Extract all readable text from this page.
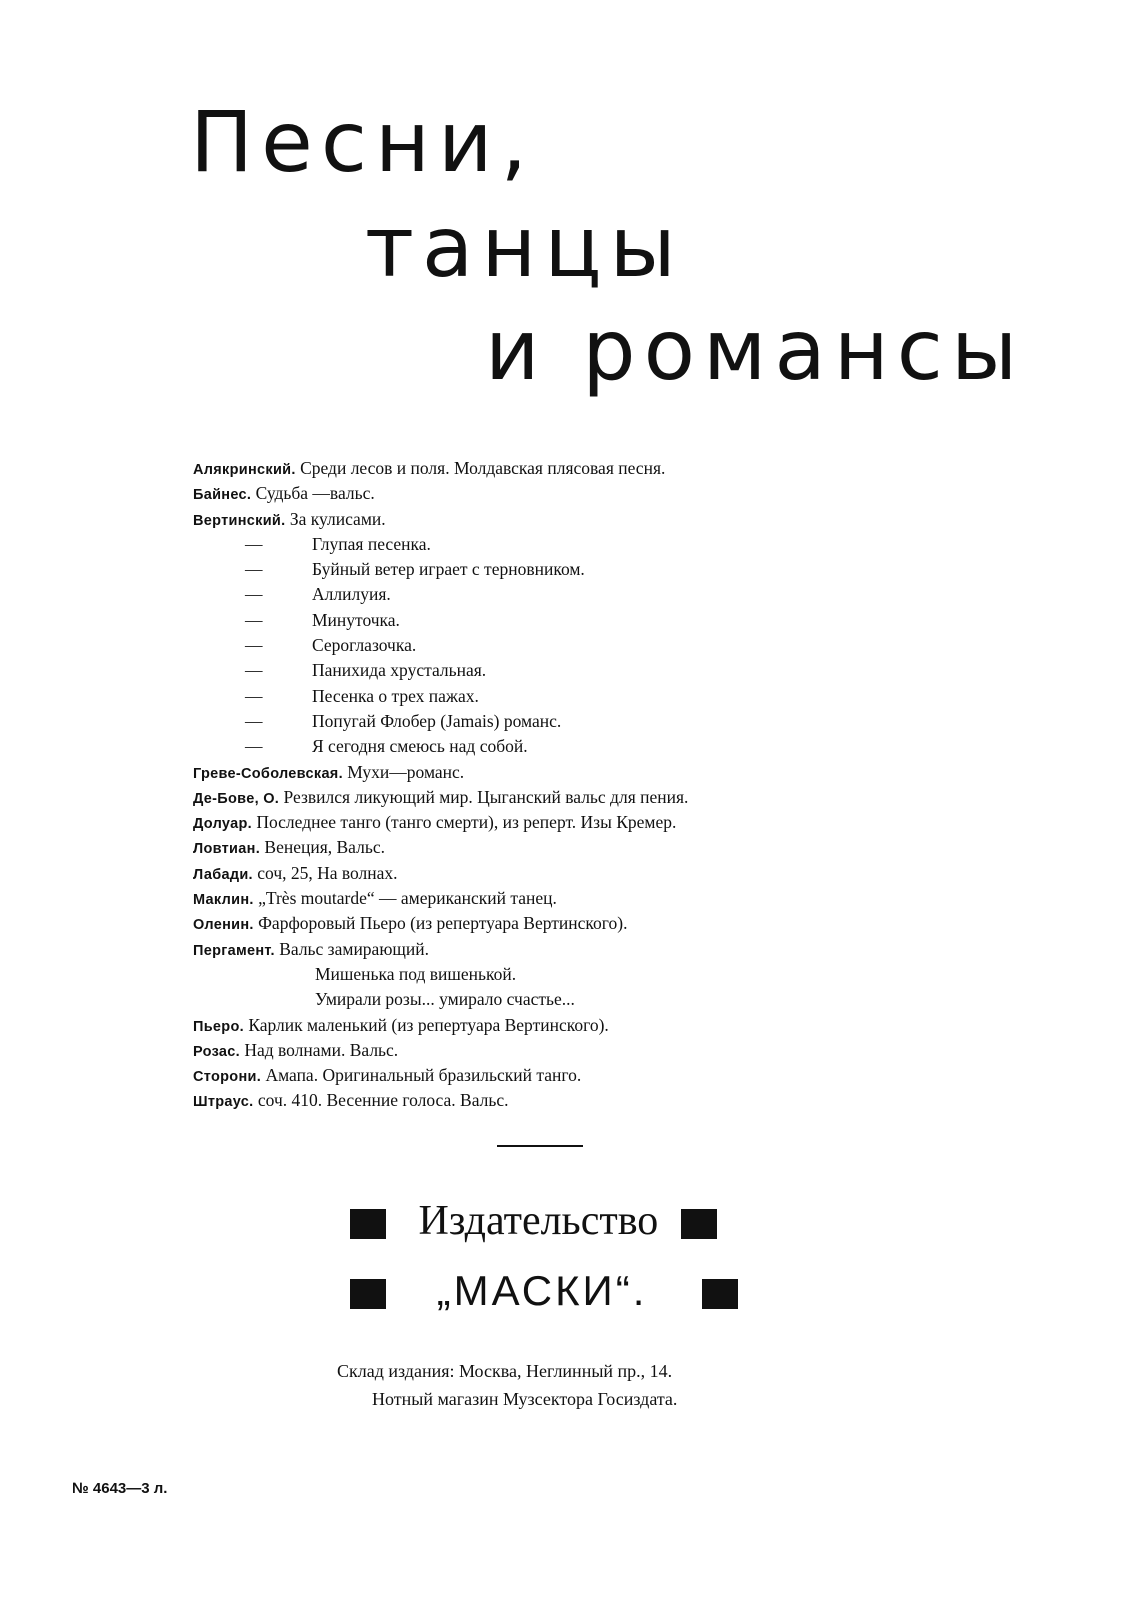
Песни,
танцы
и романсы
Алякринский. Среди лесов и поля. Молдавская плясовая песня.
Байнес. Судьба —вальс.
Вертинский. За кулисами.
—	Глупая песенка.
—	Буйный ветер играет с терновником.
—	Аллилуия.
—	Минуточка.
—	Сероглазочка.
—	Панихида хрустальная.
—	Песенка о трех пажах.
—	Попугай Флобер (Jamais) романс.
—	Я сегодня смеюсь над собой.
Греве-Соболевская. Мухи—романс.
Де-Бове, О. Резвился ликующий мир. Цыганский вальс для пения.
Долуар. Последнее танго (танго смерти), из реперт. Изы Кремер.
Ловтиан. Венеция, Вальс.
Лабади. соч, 25, На волнах.
Маклин. „Très moutarde“ — американский танец.
Оленин. Фарфоровый Пьеро (из репертуара Вертинского).
Пергамент. Вальс замирающий.
Мишенька под вишенькой.
Умирали розы... умирало счастье...
Пьеро. Карлик маленький (из репертуара Вертинского).
Розас. Над волнами. Вальс.
Сторони. Амапа. Оригинальный бразильский танго.
Штраус. соч. 410. Весенние голоса. Вальс.
Издательство
„МАСКИ“.
Склад издания: Москва, Неглинный пр., 14.
Нотный магазин Музсектора Госиздата.
№ 4643—3 л.
